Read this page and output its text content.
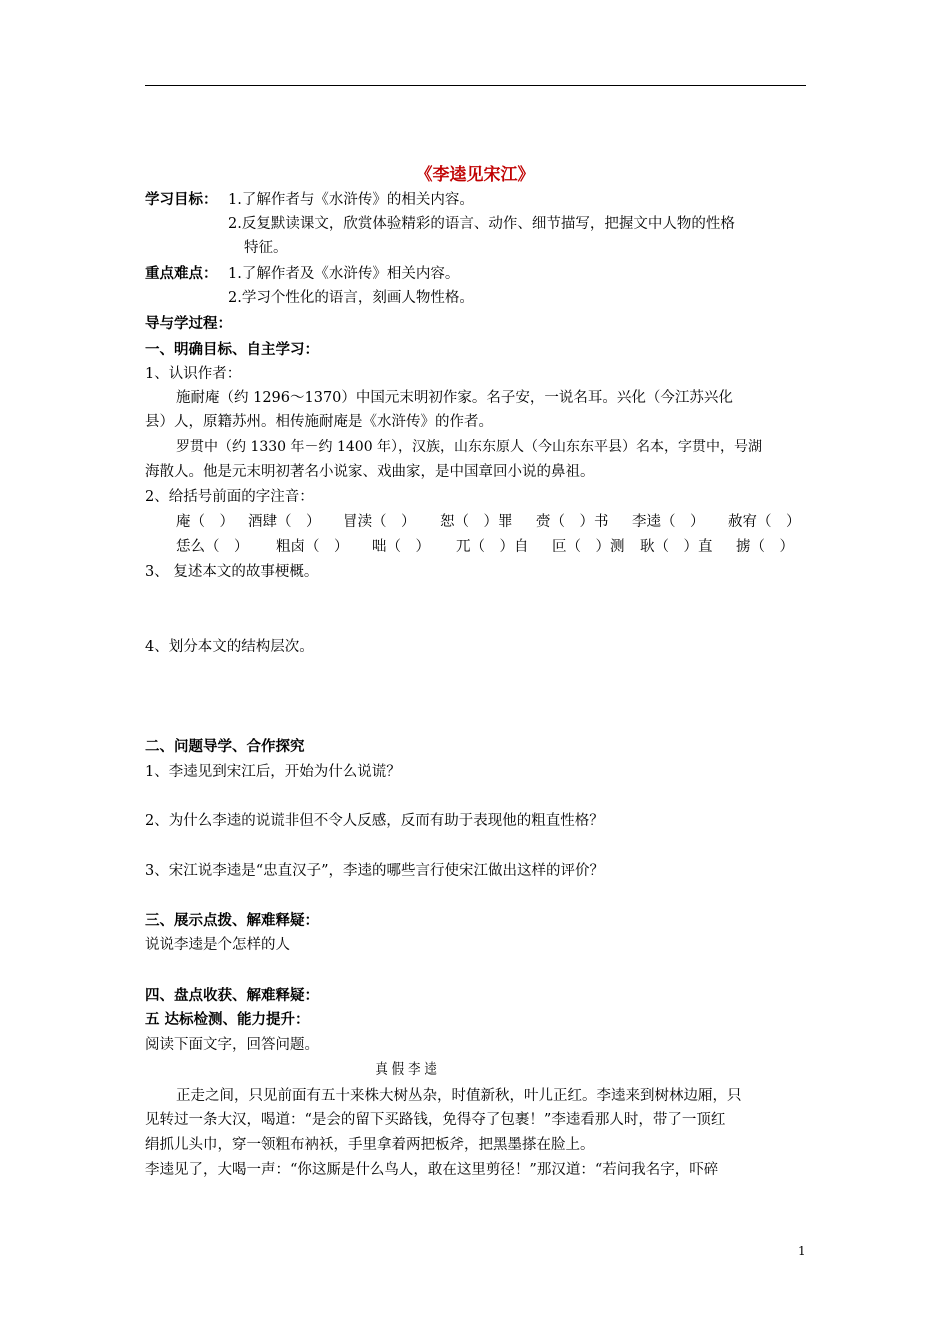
《李逵见宋江》
学习目标： 1.了解作者与《水浒传》的相关内容。
2.反复默读课文，欣赏体验精彩的语言、动作、细节描写，把握文中人物的性格
特征。
重点难点： 1.了解作者及《水浒传》相关内容。
2.学习个性化的语言，刻画人物性格。
导与学过程：
一、明确目标、自主学习：
1、认识作者：
施耐庵（约 1296～1370）中国元末明初作家。名子安，一说名耳。兴化（今江苏兴化
县）人，原籍苏州。相传施耐庵是《水浒传》的作者。
罗贯中（约 1330 年－约 1400 年），汉族，山东东原人（今山东东平县）名本，字贯中，号湖
海散人。他是元末明初著名小说家、戏曲家，是中国章回小说的鼻祖。
2、给括号前面的字注音：
庵（　） 酒肆（　） 冒渎（　） 恕（　）罪 赍（　）书 李逵（　） 赦宥（　）
恁么（　） 粗卤（　） 咄（　） 兀（　）自 叵（　）测 耿（　）直 掳（　）
3、 复述本文的故事梗概。
4、划分本文的结构层次。
二、问题导学、合作探究
1、李逵见到宋江后，开始为什么说谎？
2、为什么李逵的说谎非但不令人反感，反而有助于表现他的粗直性格？
3、宋江说李逵是“忠直汉子”，李逵的哪些言行使宋江做出这样的评价？
三、展示点拨、解难释疑：
说说李逵是个怎样的人
四、盘点收获、解难释疑：
五 达标检测、能力提升：
阅读下面文字，回答问题。
真 假 李 逵
正走之间，只见前面有五十来株大树丛杂，时值新秋，叶儿正红。李逵来到树林边厢，只
见转过一条大汉，喝道：“是会的留下买路钱，免得夺了包裹！”李逵看那人时，带了一顶红
绢抓儿头巾，穿一领粗布衲袄，手里拿着两把板斧，把黑墨搽在脸上。
李逵见了，大喝一声：“你这厮是什么鸟人，敢在这里剪径！”那汉道：“若问我名字，吓碎
1
